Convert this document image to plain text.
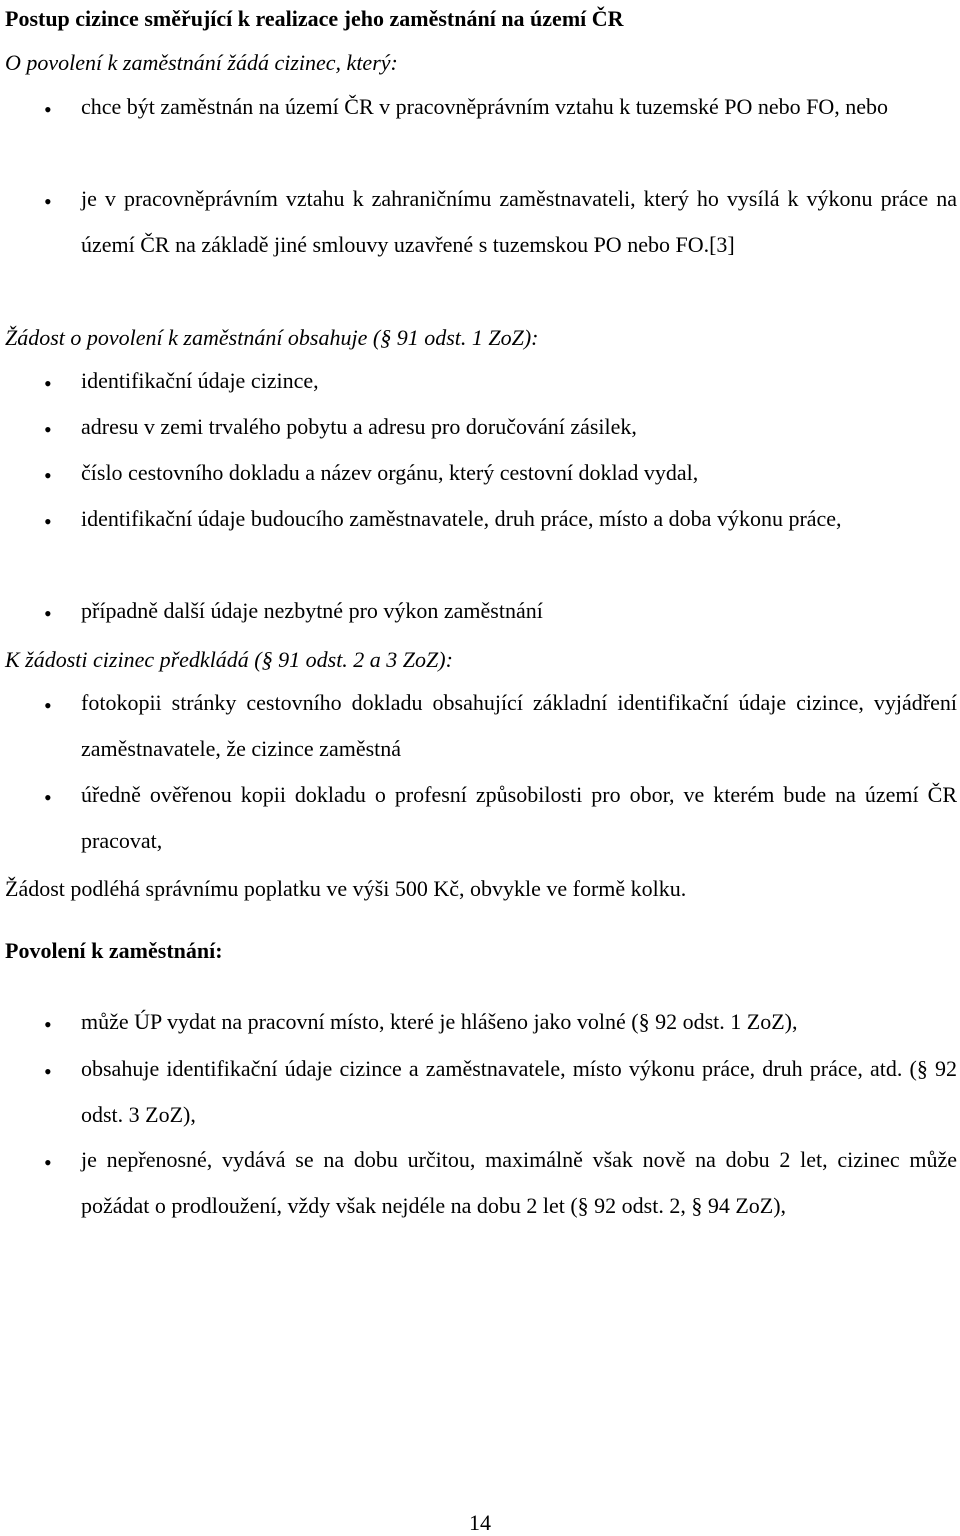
Postup cizince směřující k realizace jeho zaměstnání na území ČR
O povolení k zaměstnání žádá cizinec, který:
• chce být zaměstnán na území ČR v pracovněprávním vztahu k tuzemské PO nebo FO, nebo
• je v pracovněprávním vztahu k zahraničnímu zaměstnavateli, který ho vysílá k výkonu práce na území ČR na základě jiné smlouvy uzavřené s tuzemskou PO nebo FO.[3]
Žádost o povolení k zaměstnání obsahuje (§ 91 odst. 1 ZoZ):
• identifikační údaje cizince,
• adresu v zemi trvalého pobytu a adresu pro doručování zásilek,
• číslo cestovního dokladu a název orgánu, který cestovní doklad vydal,
• identifikační údaje budoucího zaměstnavatele, druh práce, místo a doba výkonu práce,
• případně další údaje nezbytné pro výkon zaměstnání
K žádosti cizinec předkládá (§ 91 odst. 2 a 3 ZoZ):
• fotokopii stránky cestovního dokladu obsahující základní identifikační údaje cizince, vyjádření zaměstnavatele, že cizince zaměstná
• úředně ověřenou kopii dokladu o profesní způsobilosti pro obor, ve kterém bude na území ČR pracovat,
Žádost podléhá správnímu poplatku ve výši 500 Kč, obvykle ve formě kolku.
Povolení k zaměstnání:
• může ÚP vydat na pracovní místo, které je hlášeno jako volné (§ 92 odst. 1 ZoZ),
• obsahuje identifikační údaje cizince a zaměstnavatele, místo výkonu práce, druh práce, atd. (§ 92 odst. 3 ZoZ),
• je nepřenosné, vydává se na dobu určitou, maximálně však nově na dobu 2 let, cizinec může požádat o prodloužení, vždy však nejdéle na dobu 2 let (§ 92 odst. 2, § 94 ZoZ),
14
